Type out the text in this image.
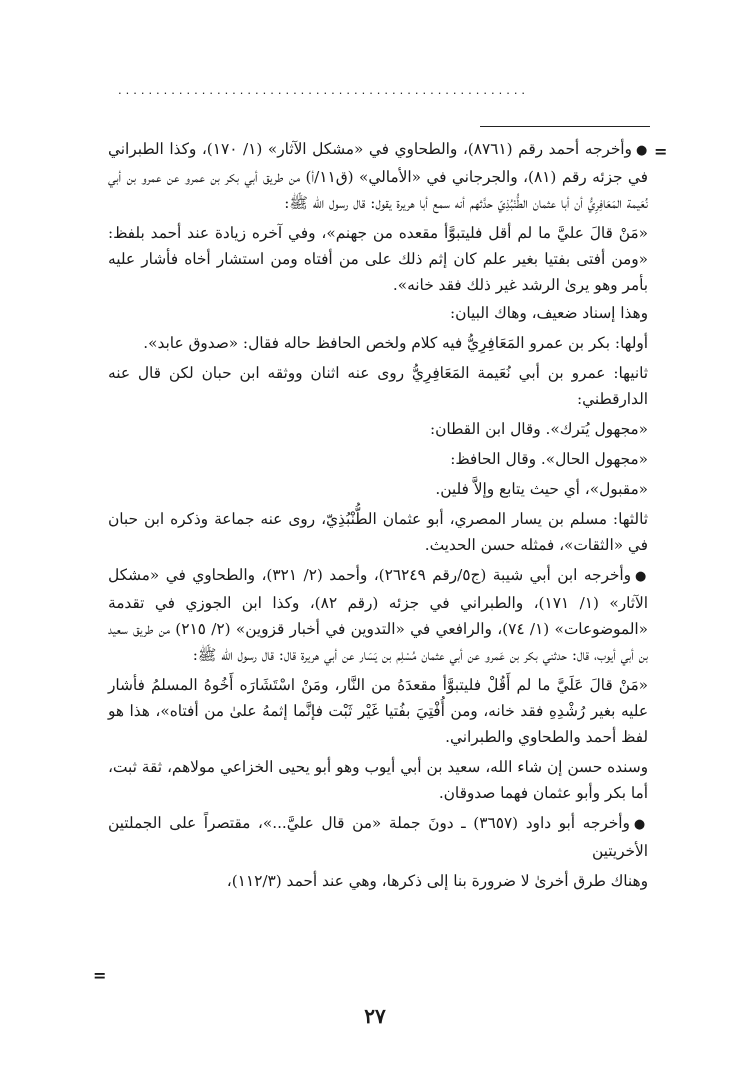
......................................................
=

●وأخرجه أحمد رقم (٨٧٦١)، والطحاوي في «مشكل الآثار» (١/ ١٧٠)، وكذا الطبراني في جزئه رقم (٨١)، والجرجاني في «الأمالي» (ق١١/أ) من طريق أبي بكر بن عمرو عن عمرو بن أبي نُعَيمة المَعَافِرِيُّ أن أبا عثمان الطُّنْبُذِيّ حدَّثهم أنه سمع أبا هريرة يقول: قال رسول الله ﷺ:

«مَنْ قالَ عليَّ ما لم أقل فليتبوَّأ مقعده من جهنم»، وفي آخره زيادة عند أحمد بلفظ: «ومن أفتى بفتيا بغير علم كان إثم ذلك على من أفتاه ومن استشار أخاه فأشار عليه بأمر وهو يرىٰ الرشد غير ذلك فقد خانه».

وهذا إسناد ضعيف، وهاك البيان:

أولها: بكر بن عمرو المَعَافِرِيُّ فيه كلام ولخص الحافظ حاله فقال: «صدوق عابد».

ثانيها: عمرو بن أبي نُعَيمة المَعَافِرِيُّ روى عنه اثنان ووثقه ابن حبان لكن قال عنه الدارقطني:

«مجهول يُترك». وقال ابن القطان:

«مجهول الحال». وقال الحافظ:

«مقبول»، أي حيث يتابع وإلاَّ فلين.

ثالثها: مسلم بن يسار المصري، أبو عثمان الطُّنْبُذِيّ، روى عنه جماعة وذكره ابن حبان في «الثقات»، فمثله حسن الحديث.

●وأخرجه ابن أبي شيبة (ج٥/رقم ٢٦٢٤٩)، وأحمد (٢/ ٣٢١)، والطحاوي في «مشكل الآثار» (١/ ١٧١)، والطبراني في جزئه (رقم ٨٢)، وكذا ابن الجوزي في تقدمة «الموضوعات» (١/ ٧٤)، والرافعي في «التدوين في أخبار قزوين» (٢/ ٢١٥) من طريق سعيد بن أبي أيوب، قال: حدثني بكر بن عَمرو عن أبي عثمان مُسْلِم بن يَسَار عن أبي هريرة قال: قال رسول الله ﷺ:

«مَنْ قالَ عَلَيَّ ما لم أَقُلْ فليتبوَّأ مقعدَهُ من النَّار، ومَنْ اسْتَشَارَه أَخُوهُ المسلمُ فأشار عليه بغير رُشْدِهِ فقد خانه، ومن أُفْتِيَ بفُتيا غَيْر ثَبْت فإنَّما إثمهُ علىٰ من أفتاه»، هذا هو لفظ أحمد والطحاوي والطبراني.

وسنده حسن إن شاء الله، سعيد بن أبي أيوب وهو أبو يحيى الخزاعي مولاهم، ثقة ثبت، أما بكر وأبو عثمان فهما صدوقان.

●وأخرجه أبو داود (٣٦٥٧) ـ دونَ جملة «من قال عليَّ...»، مقتصراً على الجملتين الأخريتين

وهناك طرق أخرىٰ لا ضرورة بنا إلى ذكرها، وهي عند أحمد (١١٢/٣)،

=
٢٧
